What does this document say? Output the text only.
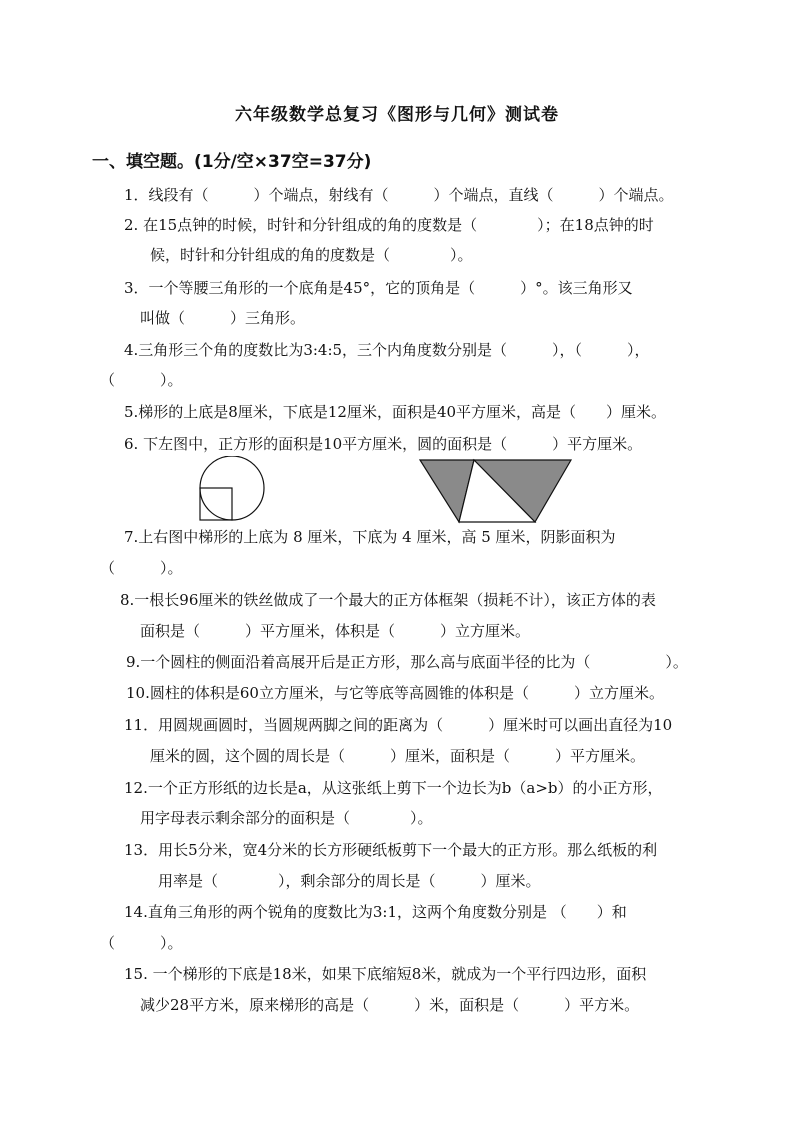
六年级数学总复习《图形与几何》测试卷
一、填空题。(1分/空×37空=37分)
1．线段有（　　　）个端点，射线有（　　　）个端点，直线（　　　）个端点。
2. 在15点钟的时候，时针和分针组成的角的度数是（　　　　）；在18点钟的时
候，时针和分针组成的角的度数是（　　　　）。
3．一个等腰三角形的一个底角是45°，它的顶角是（　　　）°。该三角形又
叫做（　　　）三角形。
4.三角形三个角的度数比为3:4:5，三个内角度数分别是（　　　），（　　　），
（　　　）。
5.梯形的上底是8厘米，下底是12厘米，面积是40平方厘米，高是（　　）厘米。
6. 下左图中，正方形的面积是10平方厘米，圆的面积是（　　　）平方厘米。
7.上右图中梯形的上底为 8 厘米，下底为 4 厘米，高 5 厘米，阴影面积为
（　　　）。
8.一根长96厘米的铁丝做成了一个最大的正方体框架（损耗不计），该正方体的表
面积是（　　　）平方厘米，体积是（　　　）立方厘米。
9.一个圆柱的侧面沿着高展开后是正方形，那么高与底面半径的比为（　　　　　）。
10.圆柱的体积是60立方厘米，与它等底等高圆锥的体积是（　　　）立方厘米。
11．用圆规画圆时，当圆规两脚之间的距离为（　　　）厘米时可以画出直径为10
厘米的圆，这个圆的周长是（　　　）厘米，面积是（　　　）平方厘米。
12.一个正方形纸的边长是a，从这张纸上剪下一个边长为b（a>b）的小正方形，
用字母表示剩余部分的面积是（　　　　）。
13．用长5分米，宽4分米的长方形硬纸板剪下一个最大的正方形。那么纸板的利
用率是（　　　　），剩余部分的周长是（　　　）厘米。
14.直角三角形的两个锐角的度数比为3:1，这两个角度数分别是 （　　）和
（　　　）。
15. 一个梯形的下底是18米，如果下底缩短8米，就成为一个平行四边形，面积
减少28平方米，原来梯形的高是（　　　）米，面积是（　　　）平方米。
